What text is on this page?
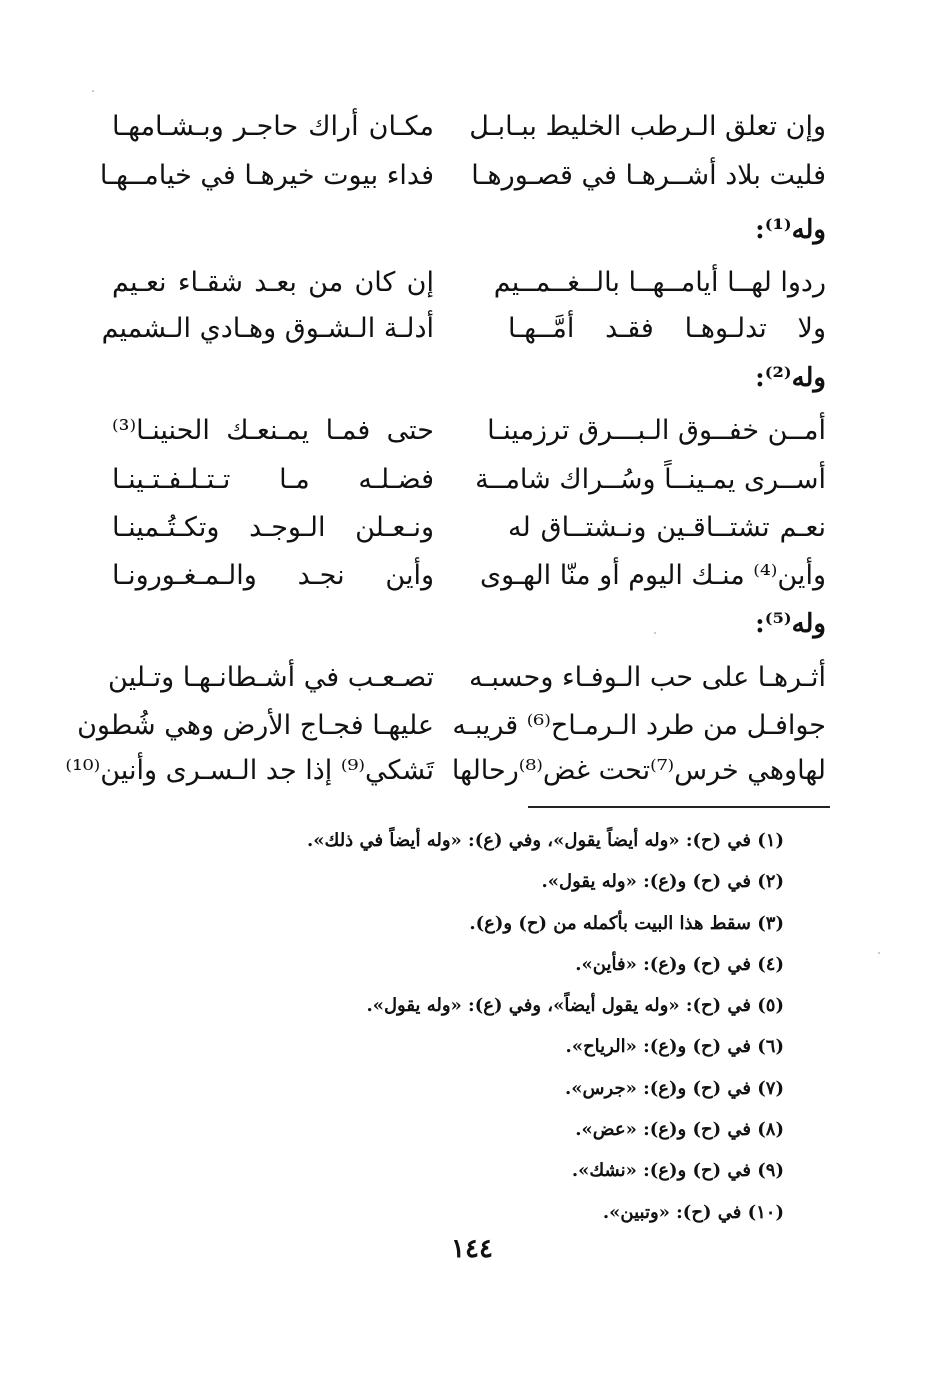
وإن تعلق الـرطب الخليط ببـابـل
مكـان أراك حاجـر وبـشـامهـا
فليت بلاد أشــرهـا في قصـورهـا
فداء بيوت خيرهـا في خيامــهـا
وله⁽¹⁾:
ردوا لهــا أيامــهــا بالــغــمــيم
إن كان من بعـد شقـاء نعـيم
ولا تدلـوهـا فقـد أمَّــهـا
أدلـة الـشـوق وهـادي الـشميم
وله⁽²⁾:
أمــن خفــوق الـبـــرق ترزمينـا
حتى فمـا يمـنعـك الحنينـا⁽³⁾
أســرى يمـينــاً وسُــراك شامــة
فضـلـه مـا تـتـلـفـتـينـا
نعـم تشتــاقـين ونـشتــاق له
ونـعـلن الـوجـد وتكـتُـمينـا
وأين⁽⁴⁾ منـك اليوم أو منّا الهـوى
وأين نجـد والـمـغـورونـا
وله⁽⁵⁾:
أثـرهـا على حب الـوفـاء وحسبـه
تصـعـب في أشـطانـهـا وتـلين
جوافـل من طرد الـرمـاح⁽⁶⁾ قريبـه
عليهـا فجـاج الأرض وهي شُطون
لهاوهي خرس⁽⁷⁾تحت غض⁽⁸⁾رحالها
تَشكي⁽⁹⁾ إذا جد الـسـرى وأنين⁽¹⁰⁾
(١) في (ح): «وله أيضاً يقول»، وفي (ع): «وله أيضاً في ذلك».
(٢) في (ح) و(ع): «وله يقول».
(٣) سقط هذا البيت بأكمله من (ح) و(ع).
(٤) في (ح) و(ع): «فأين».
(٥) في (ح): «وله يقول أيضاً»، وفي (ع): «وله يقول».
(٦) في (ح) و(ع): «الرياح».
(٧) في (ح) و(ع): «جرس».
(٨) في (ح) و(ع): «عض».
(٩) في (ح) و(ع): «نشك».
(١٠) في (ح): «وتبين».
١٤٤
